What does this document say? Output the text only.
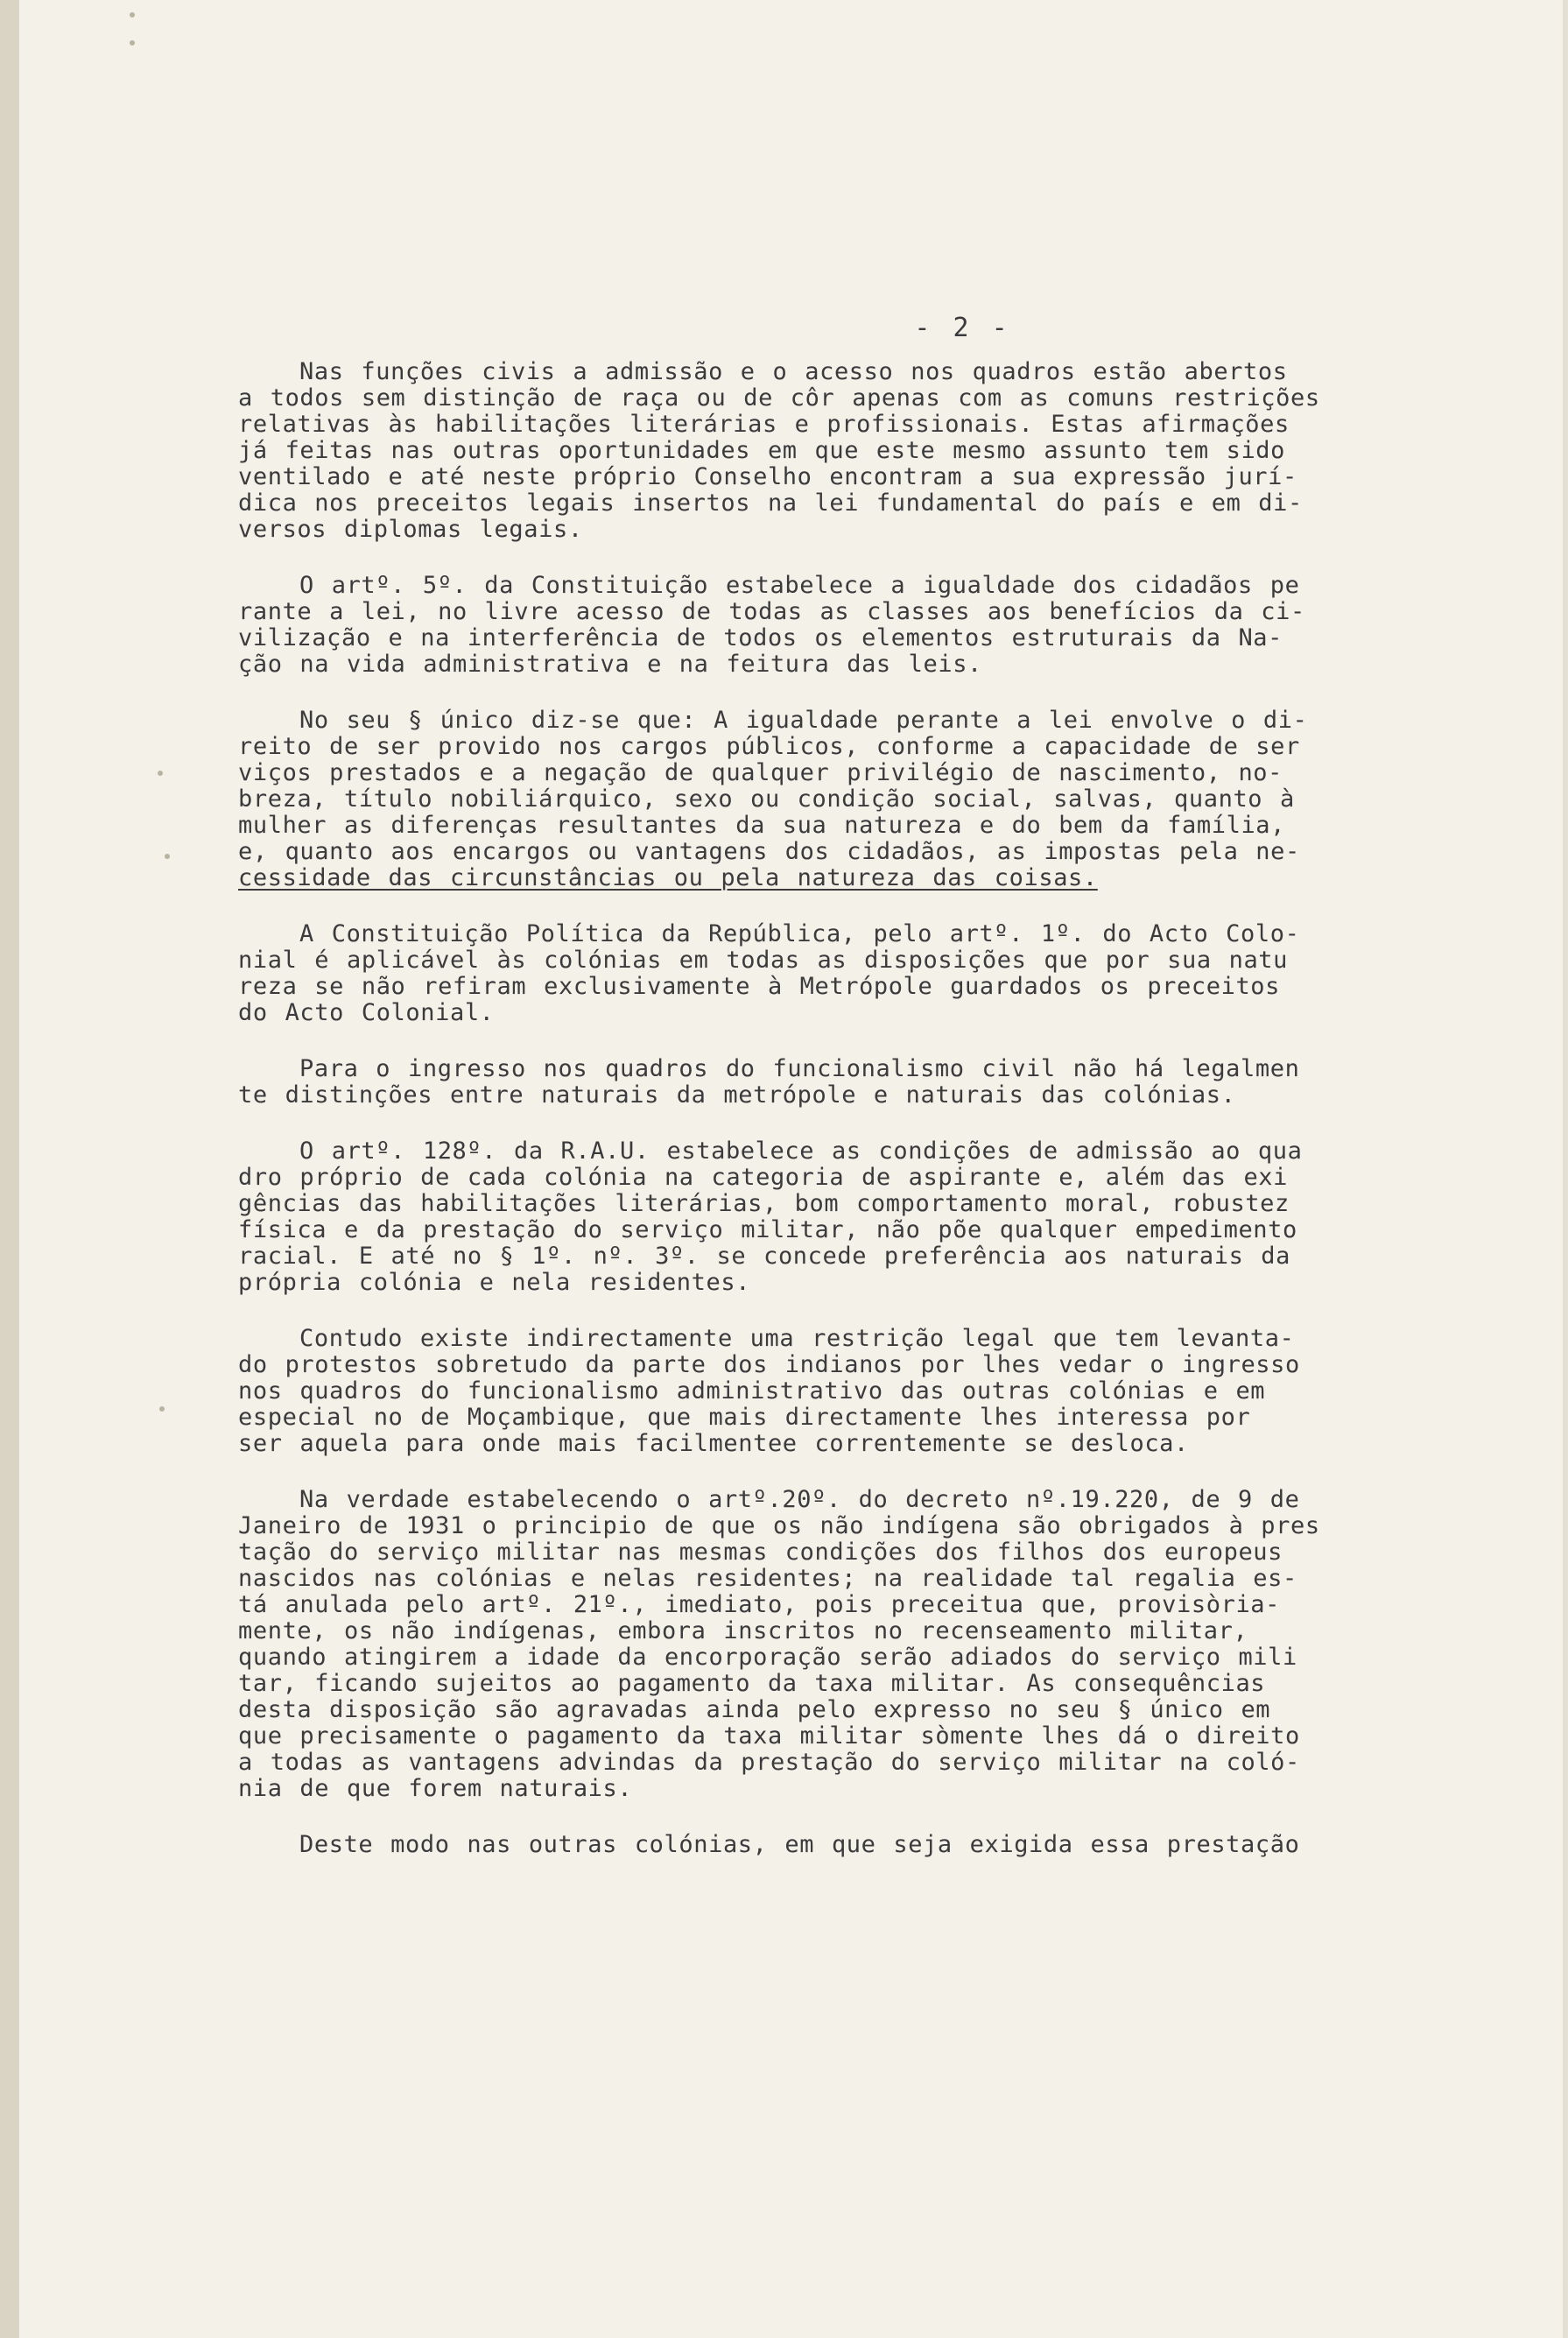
- 2 -
Nas funções civis a admissão e o acesso nos quadros estão abertos
a todos sem distinção de raça ou de côr apenas com as comuns restrições
relativas às habilitações literárias e profissionais. Estas afirmações
já feitas nas outras oportunidades em que este mesmo assunto tem sido
ventilado e até neste próprio Conselho encontram a sua expressão jurí-
dica nos preceitos legais insertos na lei fundamental do país e em di-
versos diplomas legais.
O artº. 5º. da Constituição estabelece a igualdade dos cidadãos pe
rante a lei, no livre acesso de todas as classes aos benefícios da ci-
vilização e na interferência de todos os elementos estruturais da Na-
ção na vida administrativa e na feitura das leis.
No seu § único diz-se que: A igualdade perante a lei envolve o di-
reito de ser provido nos cargos públicos, conforme a capacidade de ser
viços prestados e a negação de qualquer privilégio de nascimento, no-
breza, título nobiliárquico, sexo ou condição social, salvas, quanto à
mulher as diferenças resultantes da sua natureza e do bem da família,
e, quanto aos encargos ou vantagens dos cidadãos, as impostas pela ne-
cessidade das circunstâncias ou pela natureza das coisas.
A Constituição Política da República, pelo artº. 1º. do Acto Colo-
nial é aplicável às colónias em todas as disposições que por sua natu
reza se não refiram exclusivamente à Metrópole guardados os preceitos
do Acto Colonial.
Para o ingresso nos quadros do funcionalismo civil não há legalmen
te distinções entre naturais da metrópole e naturais das colónias.
O artº. 128º. da R.A.U. estabelece as condições de admissão ao qua
dro próprio de cada colónia na categoria de aspirante e, além das exi
gências das habilitações literárias, bom comportamento moral, robustez
física e da prestação do serviço militar, não põe qualquer empedimento
racial. E até no § 1º. nº. 3º. se concede preferência aos naturais da
própria colónia e nela residentes.
Contudo existe indirectamente uma restrição legal que tem levanta-
do protestos sobretudo da parte dos indianos por lhes vedar o ingresso
nos quadros do funcionalismo administrativo das outras colónias e em
especial no de Moçambique, que mais directamente lhes interessa por
ser aquela para onde mais facilmentee correntemente se desloca.
Na verdade estabelecendo o artº.20º. do decreto nº.19.220, de 9 de
Janeiro de 1931 o principio de que os não indígena são obrigados à pres
tação do serviço militar nas mesmas condições dos filhos dos europeus
nascidos nas colónias e nelas residentes; na realidade tal regalia es-
tá anulada pelo artº. 21º., imediato, pois preceitua que, provisòria-
mente, os não indígenas, embora inscritos no recenseamento militar,
quando atingirem a idade da encorporação serão adiados do serviço mili
tar, ficando sujeitos ao pagamento da taxa militar. As consequências
desta disposição são agravadas ainda pelo expresso no seu § único em
que precisamente o pagamento da taxa militar sòmente lhes dá o direito
a todas as vantagens advindas da prestação do serviço militar na coló-
nia de que forem naturais.
Deste modo nas outras colónias, em que seja exigida essa prestação
